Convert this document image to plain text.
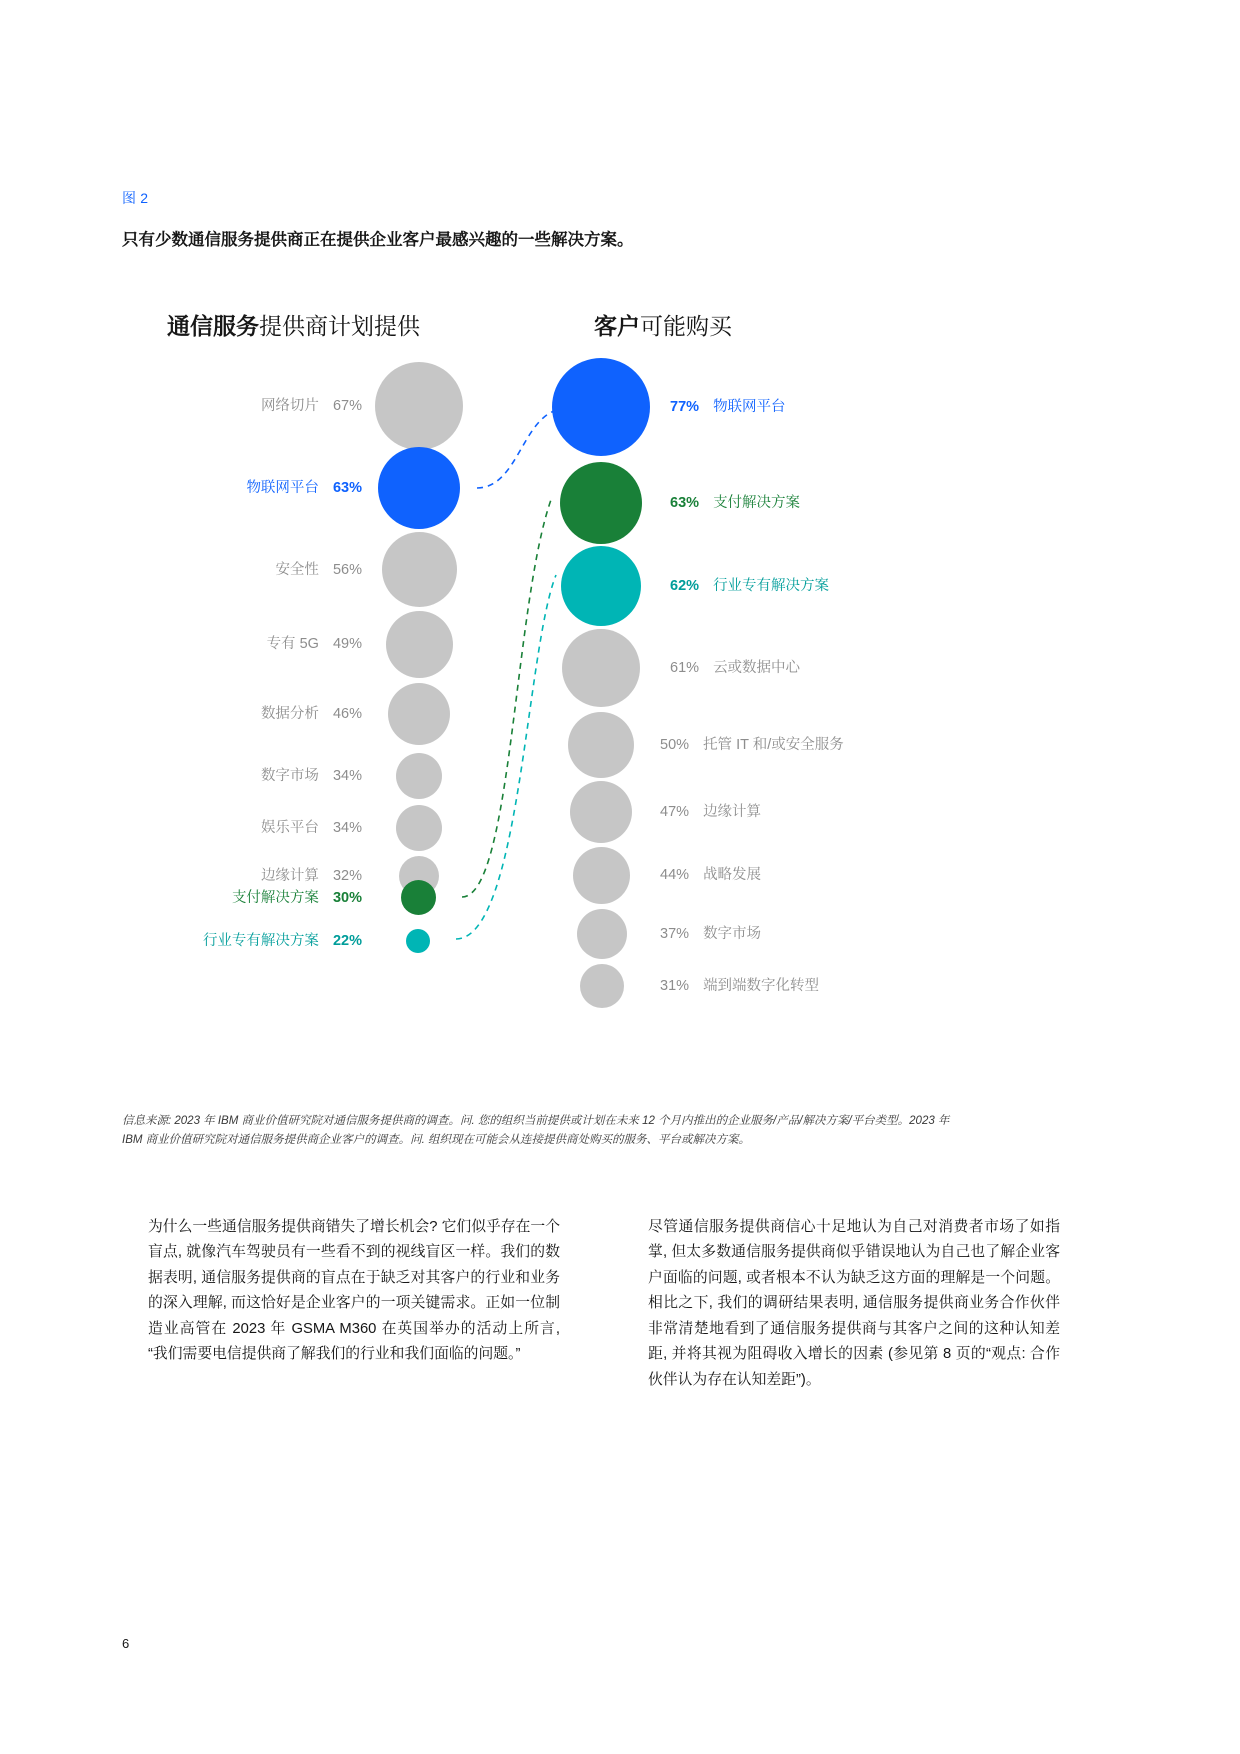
图 2
只有少数通信服务提供商正在提供企业客户最感兴趣的一些解决方案。
通信服务提供商计划提供	客户可能购买
网络切片 67%
物联网平台 63%
安全性 56%
专有 5G 49%
数据分析 46%
数字市场 34%
娱乐平台 34%
边缘计算 32%
支付解决方案 30%
行业专有解决方案 22%
77% 物联网平台
63% 支付解决方案
62% 行业专有解决方案
61% 云或数据中心
50% 托管 IT 和/或安全服务
47% 边缘计算
44% 战略发展
37% 数字市场
31% 端到端数字化转型
信息来源: 2023 年 IBM 商业价值研究院对通信服务提供商的调查。问. 您的组织当前提供或计划在未来 12 个月内推出的企业服务/产品/解决方案/平台类型。2023 年 IBM 商业价值研究院对通信服务提供商企业客户的调查。问. 组织现在可能会从连接提供商处购买的服务、平台或解决方案。
为什么一些通信服务提供商错失了增长机会? 它们似乎存在一个盲点, 就像汽车驾驶员有一些看不到的视线盲区一样。我们的数据表明, 通信服务提供商的盲点在于缺乏对其客户的行业和业务的深入理解, 而这恰好是企业客户的一项关键需求。正如一位制造业高管在 2023 年 GSMA M360 在英国举办的活动上所言, “我们需要电信提供商了解我们的行业和我们面临的问题。”
尽管通信服务提供商信心十足地认为自己对消费者市场了如指掌, 但太多数通信服务提供商似乎错误地认为自己也了解企业客户面临的问题, 或者根本不认为缺乏这方面的理解是一个问题。相比之下, 我们的调研结果表明, 通信服务提供商业务合作伙伴非常清楚地看到了通信服务提供商与其客户之间的这种认知差距, 并将其视为阻碍收入增长的因素 (参见第 8 页的“观点: 合作伙伴认为存在认知差距”)。
6
